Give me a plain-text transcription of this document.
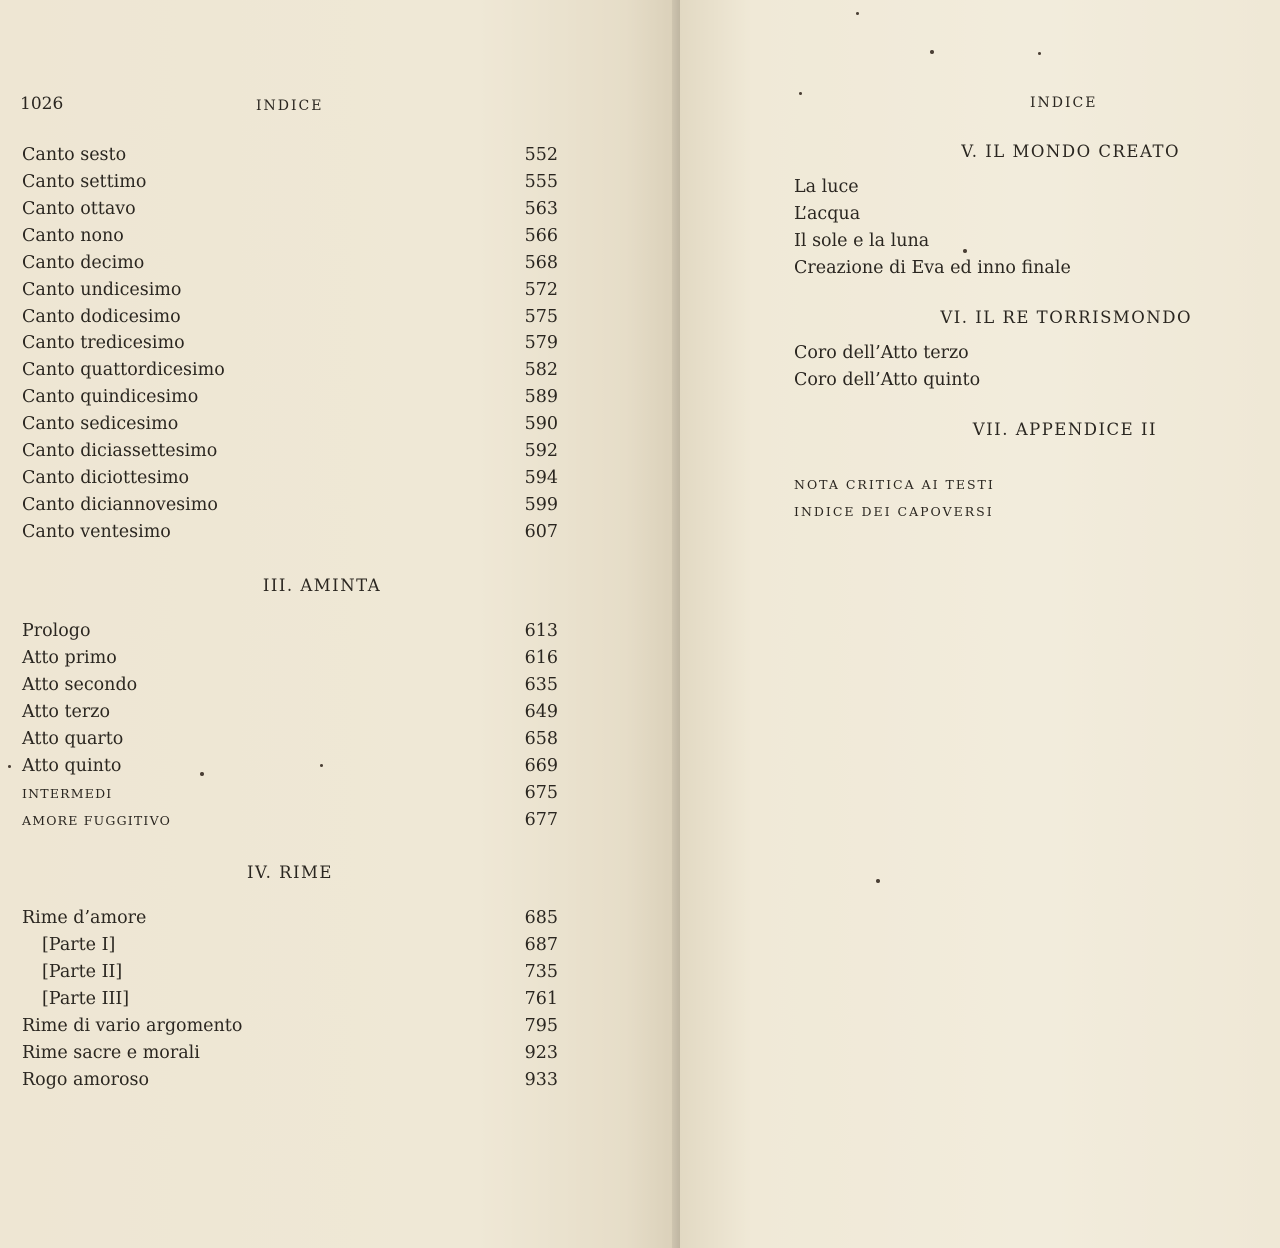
1026	INDICE
Canto sesto	552
Canto settimo	555
Canto ottavo	563
Canto nono	566
Canto decimo	568
Canto undicesimo	572
Canto dodicesimo	575
Canto tredicesimo	579
Canto quattordicesimo	582
Canto quindicesimo	589
Canto sedicesimo	590
Canto diciassettesimo	592
Canto diciottesimo	594
Canto diciannovesimo	599
Canto ventesimo	607
III. AMINTA
Prologo	613
Atto primo	616
Atto secondo	635
Atto terzo	649
Atto quarto	658
Atto quinto	669
INTERMEDI	675
AMORE FUGGITIVO	677
IV. RIME
Rime d’amore	685
[Parte I]	687
[Parte II]	735
[Parte III]	761
Rime di vario argomento	795
Rime sacre e morali	923
Rogo amoroso	933
INDICE
V. IL MONDO CREATO
La luce
L’acqua
Il sole e la luna
Creazione di Eva ed inno finale
VI. IL RE TORRISMONDO
Coro dell’Atto terzo
Coro dell’Atto quinto
VII. APPENDICE II
NOTA CRITICA AI TESTI
INDICE DEI CAPOVERSI
